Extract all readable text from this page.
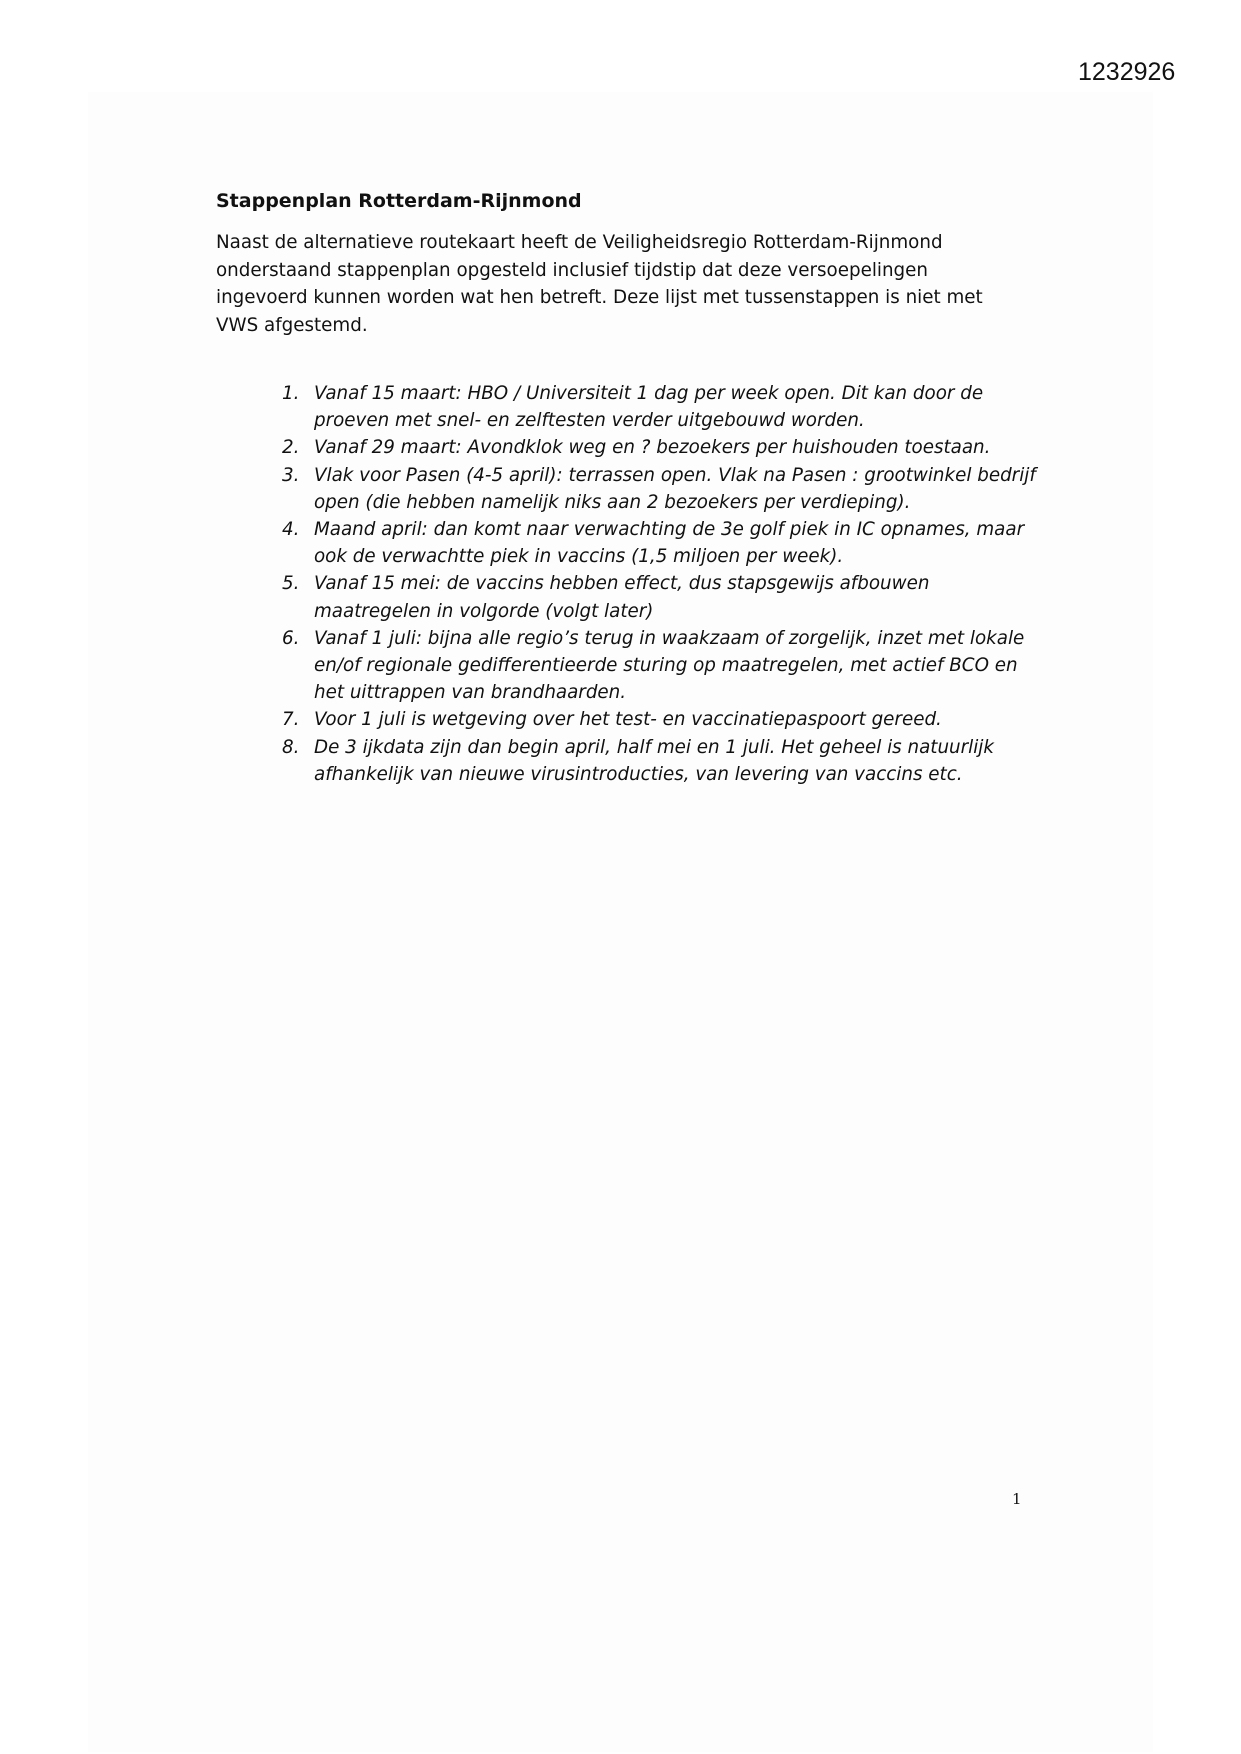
1232926
Stappenplan Rotterdam-Rijnmond

Naast de alternatieve routekaart heeft de Veiligheidsregio Rotterdam-Rijnmond onderstaand stappenplan opgesteld inclusief tijdstip dat deze versoepelingen ingevoerd kunnen worden wat hen betreft. Deze lijst met tussenstappen is niet met VWS afgestemd.

1. Vanaf 15 maart: HBO / Universiteit 1 dag per week open. Dit kan door de proeven met snel- en zelftesten verder uitgebouwd worden.
2. Vanaf 29 maart: Avondklok weg en ? bezoekers per huishouden toestaan.
3. Vlak voor Pasen (4-5 april): terrassen open. Vlak na Pasen : grootwinkel bedrijf open (die hebben namelijk niks aan 2 bezoekers per verdieping).
4. Maand april: dan komt naar verwachting de 3e golf piek in IC opnames, maar ook de verwachtte piek in vaccins (1,5 miljoen per week).
5. Vanaf 15 mei: de vaccins hebben effect, dus stapsgewijs afbouwen maatregelen in volgorde (volgt later)
6. Vanaf 1 juli: bijna alle regio’s terug in waakzaam of zorgelijk, inzet met lokale en/of regionale gedifferentieerde sturing op maatregelen, met actief BCO en het uittrappen van brandhaarden.
7. Voor 1 juli is wetgeving over het test- en vaccinatiepaspoort gereed.
8. De 3 ijkdata zijn dan begin april, half mei en 1 juli. Het geheel is natuurlijk afhankelijk van nieuwe virusintroducties, van levering van vaccins etc.
1
